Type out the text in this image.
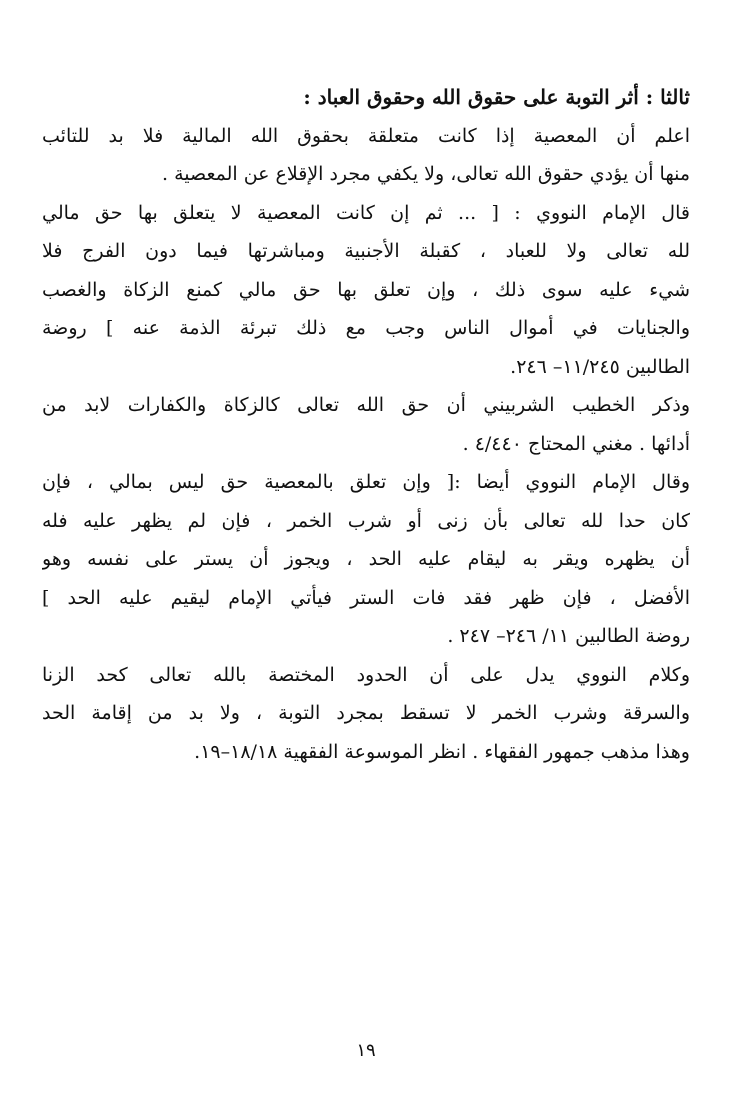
ثالثا : أثر التوبة على حقوق الله وحقوق العباد :
اعلم أن المعصية إذا كانت متعلقة بحقوق الله المالية فلا بد للتائب
منها أن يؤدي حقوق الله تعالى، ولا يكفي مجرد الإقلاع عن المعصية .
قال الإمام النووي : [ ... ثم إن كانت المعصية لا يتعلق بها حق مالي
لله تعالى ولا للعباد ، كقبلة الأجنبية ومباشرتها فيما دون الفرج فلا
شيء عليه سوى ذلك ، وإن تعلق بها حق مالي كمنع الزكاة والغصب
والجنايات في أموال الناس وجب مع ذلك تبرئة الذمة عنه ] روضة
الطالبين ١١/٢٤٥– ٢٤٦.
وذكر الخطيب الشربيني أن حق الله تعالى كالزكاة والكفارات لابد من
أدائها . مغني المحتاج ٤/٤٤٠ .
وقال الإمام النووي أيضا :[ وإن تعلق بالمعصية حق ليس بمالي ، فإن
كان حدا لله تعالى بأن زنى أو شرب الخمر ، فإن لم يظهر عليه فله
أن يظهره ويقر به ليقام عليه الحد ، ويجوز أن يستر على نفسه وهو
الأفضل ، فإن ظهر فقد فات الستر فيأتي الإمام ليقيم عليه الحد ]
روضة الطالبين ١١/ ٢٤٦– ٢٤٧ .
وكلام النووي يدل على أن الحدود المختصة بالله تعالى كحد الزنا
والسرقة وشرب الخمر لا تسقط بمجرد التوبة ، ولا بد من إقامة الحد
وهذا مذهب جمهور الفقهاء . انظر الموسوعة الفقهية ١٨/١٨–١٩.
١٩
